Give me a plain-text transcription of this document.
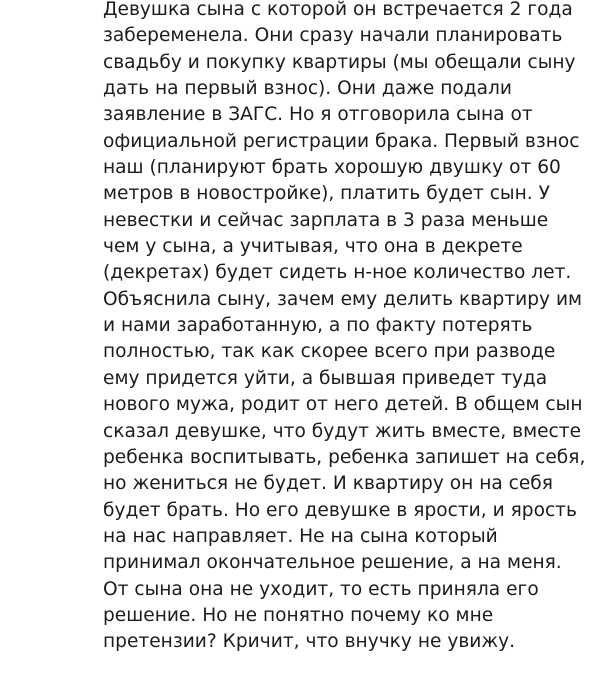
Девушка сына с которой он встречается 2 года
забеременела. Они сразу начали планировать
свадьбу и покупку квартиры (мы обещали сыну
дать на первый взнос). Они даже подали
заявление в ЗАГС. Но я отговорила сына от
официальной регистрации брака. Первый взнос
наш (планируют брать хорошую двушку от 60
метров в новостройке), платить будет сын. У
невестки и сейчас зарплата в 3 раза меньше
чем у сына, а учитывая, что она в декрете
(декретах) будет сидеть н-ное количество лет.
Объяснила сыну, зачем ему делить квартиру им
и нами заработанную, а по факту потерять
полностью, так как скорее всего при разводе
ему придется уйти, а бывшая приведет туда
нового мужа, родит от него детей. В общем сын
сказал девушке, что будут жить вместе, вместе
ребенка воспитывать, ребенка запишет на себя,
но жениться не будет. И квартиру он на себя
будет брать. Но его девушке в ярости, и ярость
на нас направляет. Не на сына который
принимал окончательное решение, а на меня.
От сына она не уходит, то есть приняла его
решение. Но не понятно почему ко мне
претензии? Кричит, что внучку не увижу.
